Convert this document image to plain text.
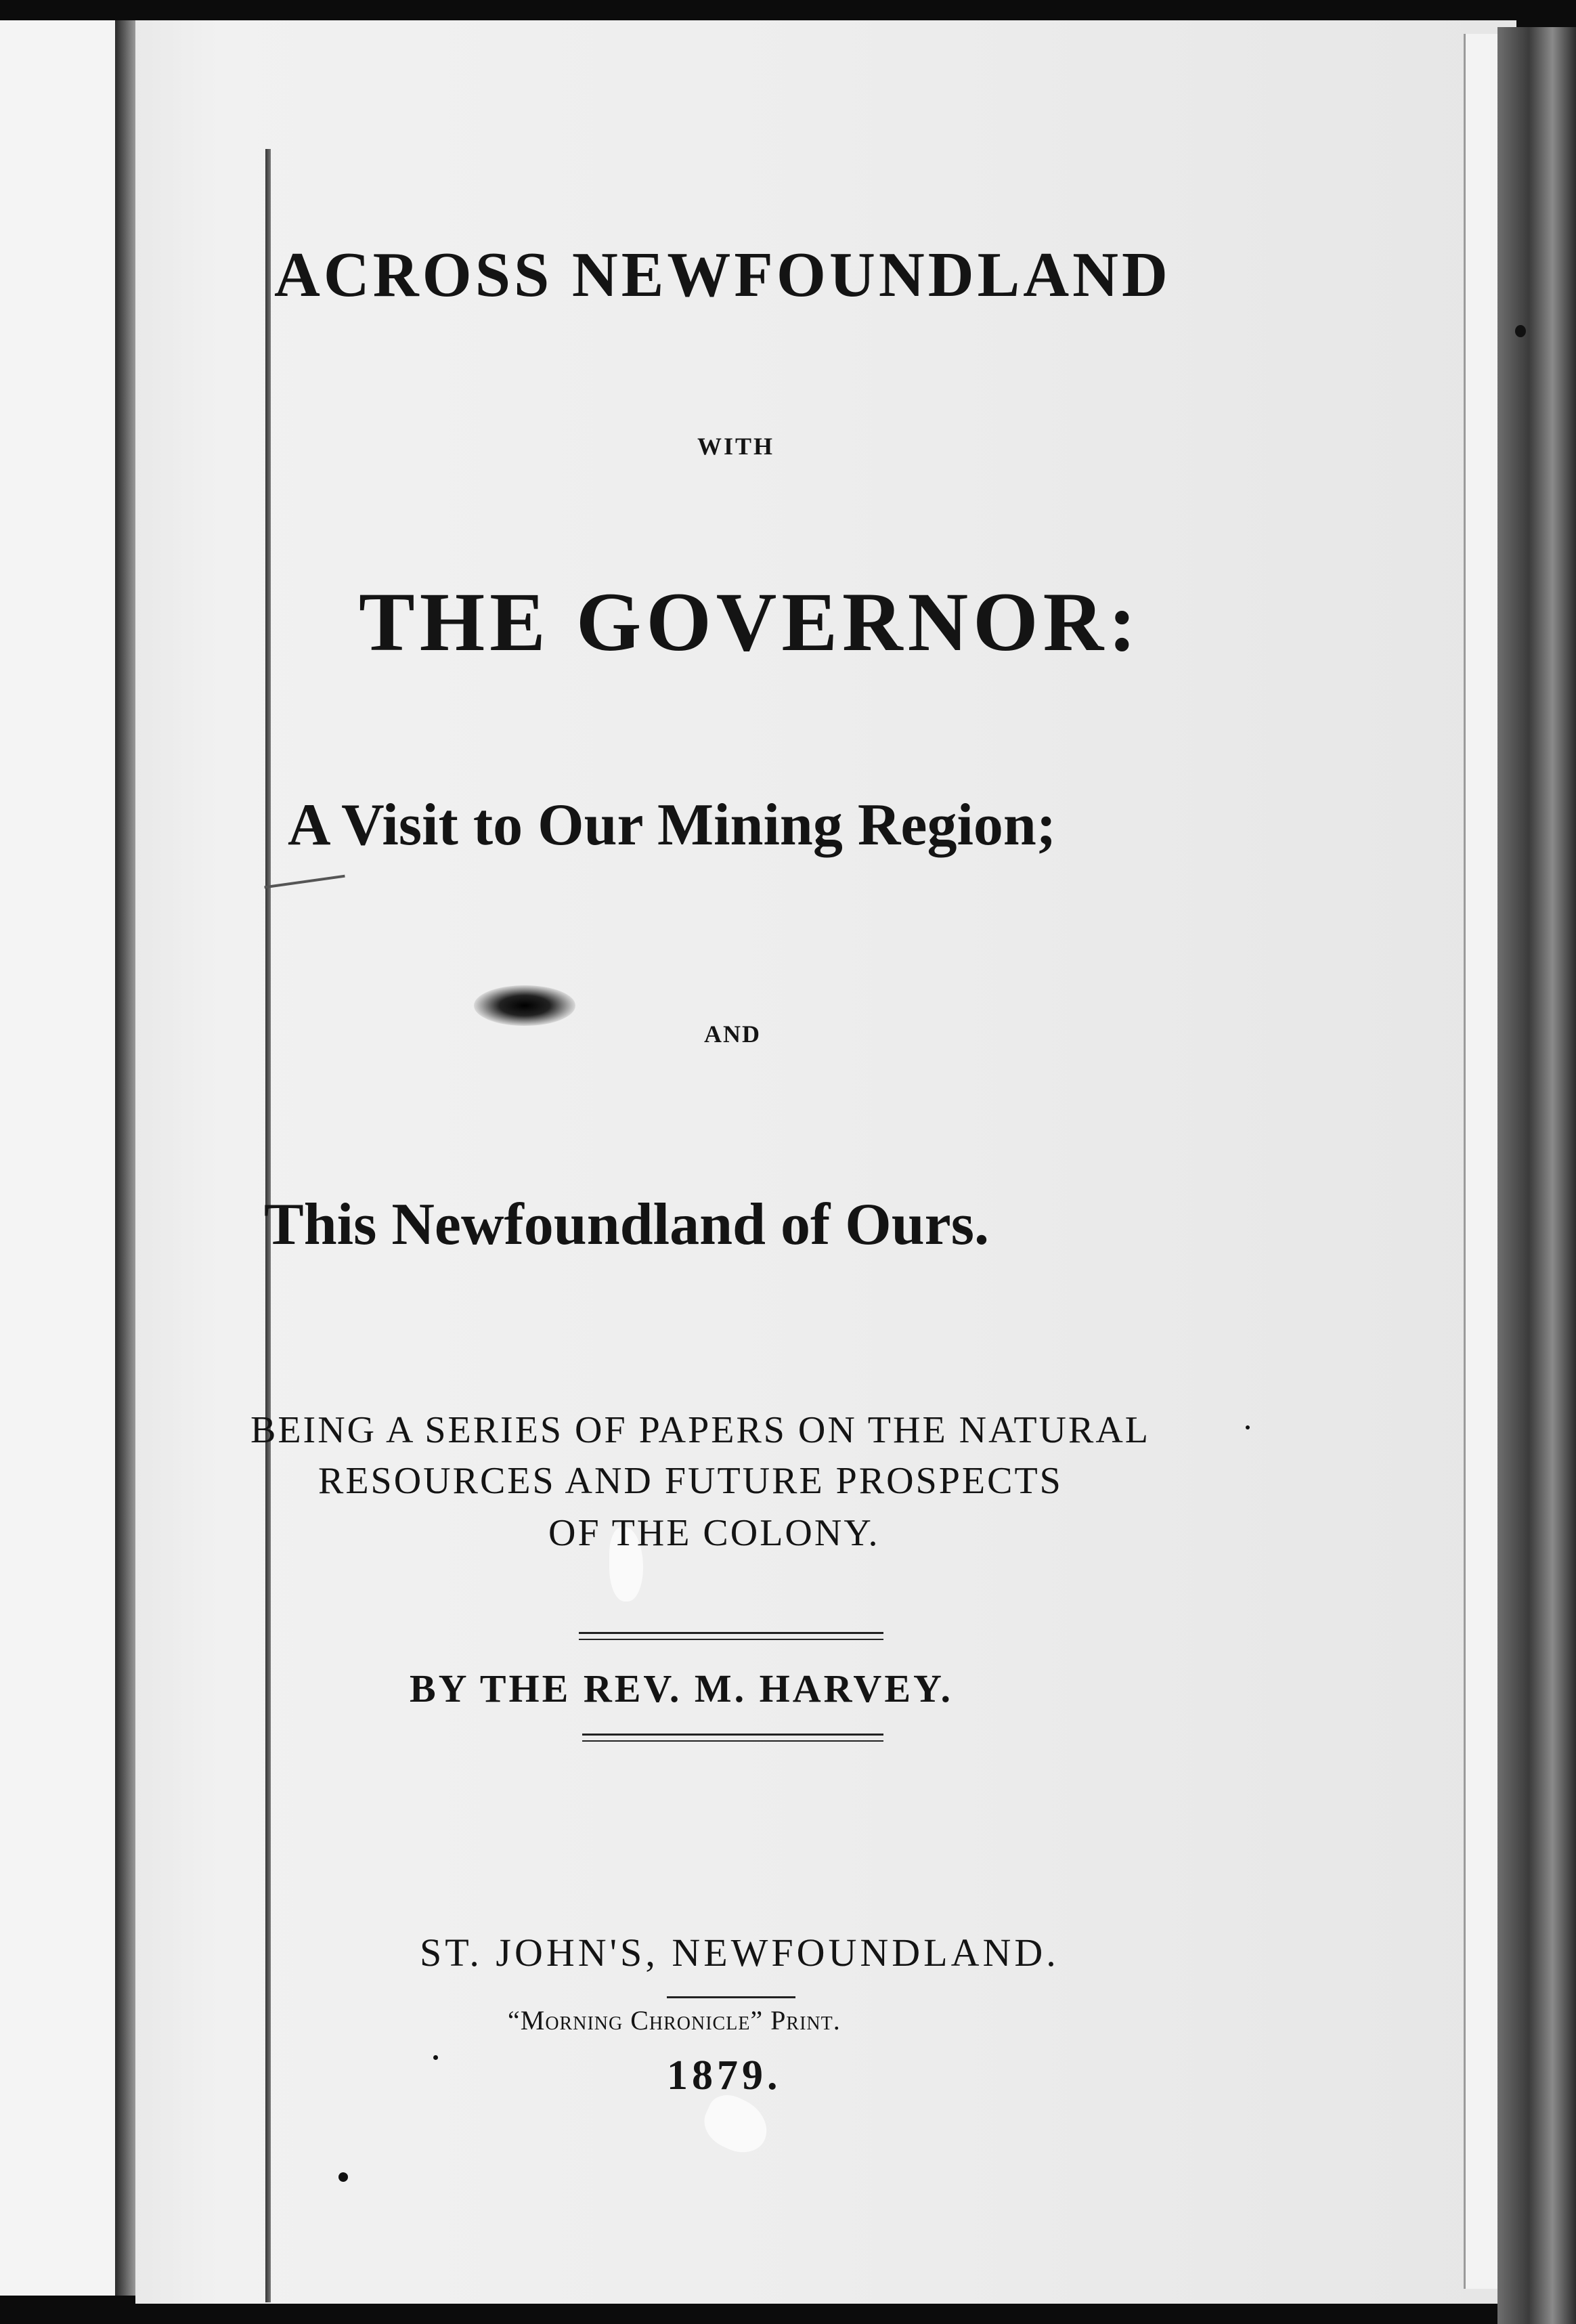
ACROSS NEWFOUNDLAND

WITH

THE GOVERNOR:

A Visit to Our Mining Region;

AND

This Newfoundland of Ours.

BEING A SERIES OF PAPERS ON THE NATURAL

RESOURCES AND FUTURE PROSPECTS

OF THE COLONY.

BY THE REV. M. HARVEY.

ST. JOHN'S, NEWFOUNDLAND.

“Morning Chronicle” Print.

1879.
